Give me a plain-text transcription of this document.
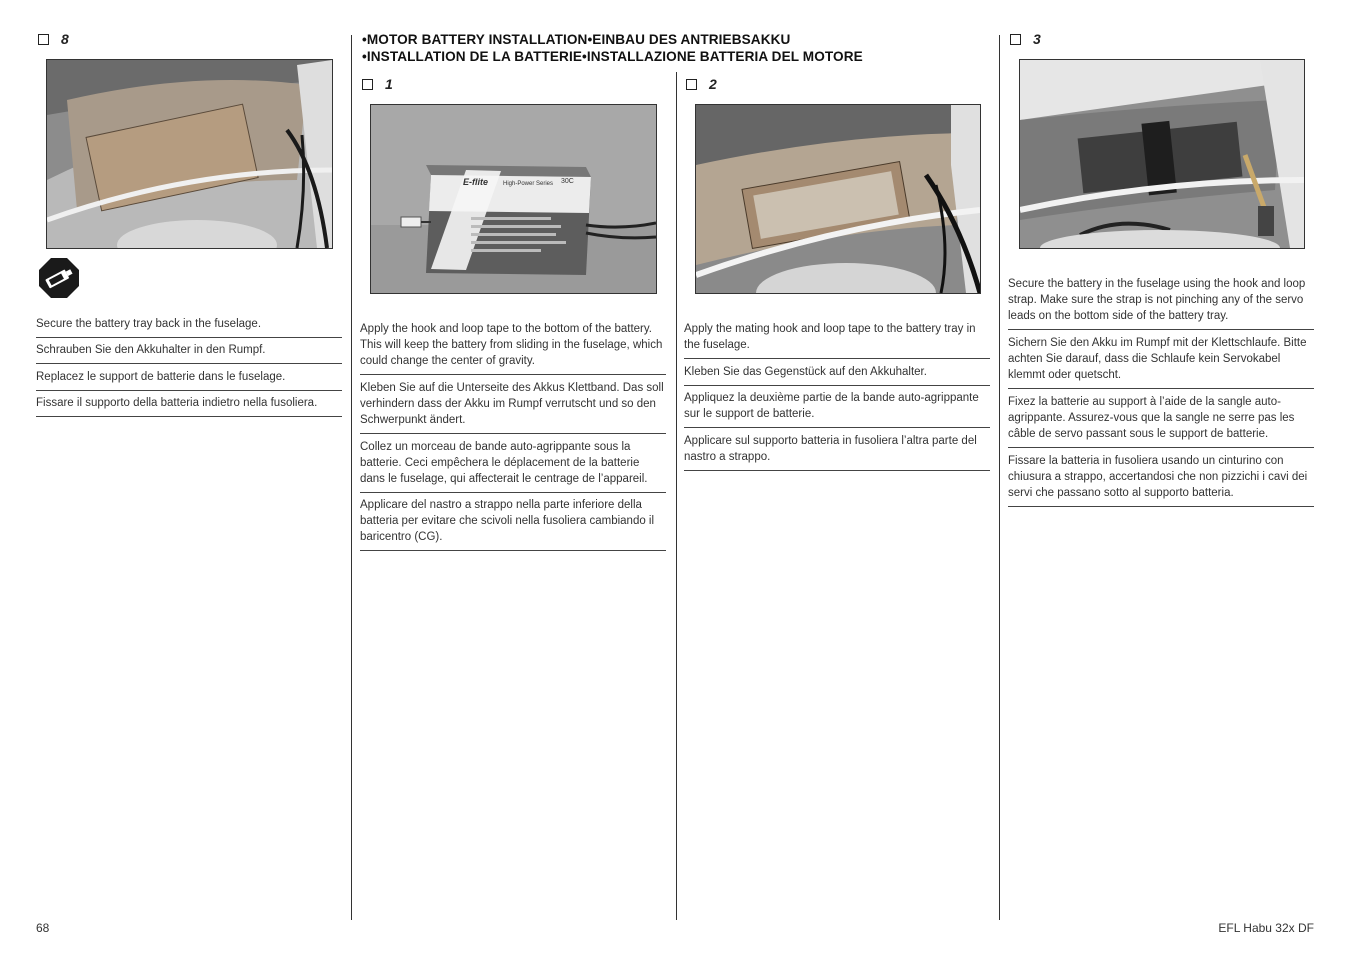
•MOTOR BATTERY INSTALLATION•EINBAU DES ANTRIEBSAKKU
•INSTALLATION DE LA BATTERIE•INSTALLAZIONE BATTERIA DEL MOTORE
8
Secure the battery tray back in the fuselage.
Schrauben Sie den Akkuhalter in den Rumpf.
Replacez le support de batterie dans le fuselage.
Fissare il supporto della batteria indietro nella fusoliera.
1
E-flite High-Power Series 30C
Apply the hook and loop tape to the bottom of the battery. This will keep the battery from sliding in the fuselage, which could change the center of gravity.
Kleben Sie auf die Unterseite des Akkus Klettband. Das soll verhindern dass der Akku im Rumpf verrutscht und so den Schwerpunkt ändert.
Collez un morceau de bande auto-agrippante sous la batterie. Ceci empêchera le déplacement de la batterie dans le fuselage, qui affecterait le centrage de l’appareil.
Applicare del nastro a strappo nella parte inferiore della batteria per evitare che scivoli nella fusoliera cambiando il baricentro (CG).
2
Apply the mating hook and loop tape to the battery tray in the fuselage.
Kleben Sie das Gegenstück auf den Akkuhalter.
Appliquez la deuxième partie de la bande auto-agrippante sur le support de batterie.
Applicare sul supporto batteria in fusoliera l’altra parte del nastro a strappo.
3
Secure the battery in the fuselage using the hook and loop strap. Make sure the strap is not pinching any of the servo leads on the bottom side of the battery tray.
Sichern Sie den Akku im Rumpf mit der Klettschlaufe. Bitte achten Sie darauf, dass die Schlaufe kein Servokabel klemmt oder quetscht.
Fixez la batterie au support à l’aide de la sangle auto-agrippante. Assurez-vous que la sangle ne serre pas les câble de servo passant sous le support de batterie.
Fissare la batteria in fusoliera usando un cinturino con chiusura a strappo, accertandosi che non pizzichi i cavi dei servi che passano sotto al supporto batteria.
68	EFL Habu 32x DF
